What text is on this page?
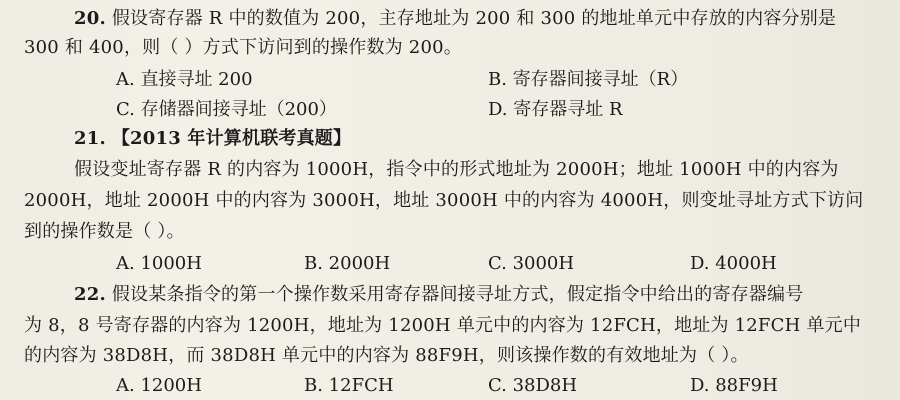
20. 假设寄存器 R 中的数值为 200，主存地址为 200 和 300 的地址单元中存放的内容分别是
300 和 400，则（ ）方式下访问到的操作数为 200。
A. 直接寻址 200	B. 寄存器间接寻址（R）
C. 存储器间接寻址（200）	D. 寄存器寻址 R
21. 【2013 年计算机联考真题】
假设变址寄存器 R 的内容为 1000H，指令中的形式地址为 2000H；地址 1000H 中的内容为
2000H，地址 2000H 中的内容为 3000H，地址 3000H 中的内容为 4000H，则变址寻址方式下访问
到的操作数是（ ）。
A. 1000H	B. 2000H	C. 3000H	D. 4000H
22. 假设某条指令的第一个操作数采用寄存器间接寻址方式，假定指令中给出的寄存器编号
为 8，8 号寄存器的内容为 1200H，地址为 1200H 单元中的内容为 12FCH，地址为 12FCH 单元中
的内容为 38D8H，而 38D8H 单元中的内容为 88F9H，则该操作数的有效地址为（ ）。
A. 1200H	B. 12FCH	C. 38D8H	D. 88F9H
